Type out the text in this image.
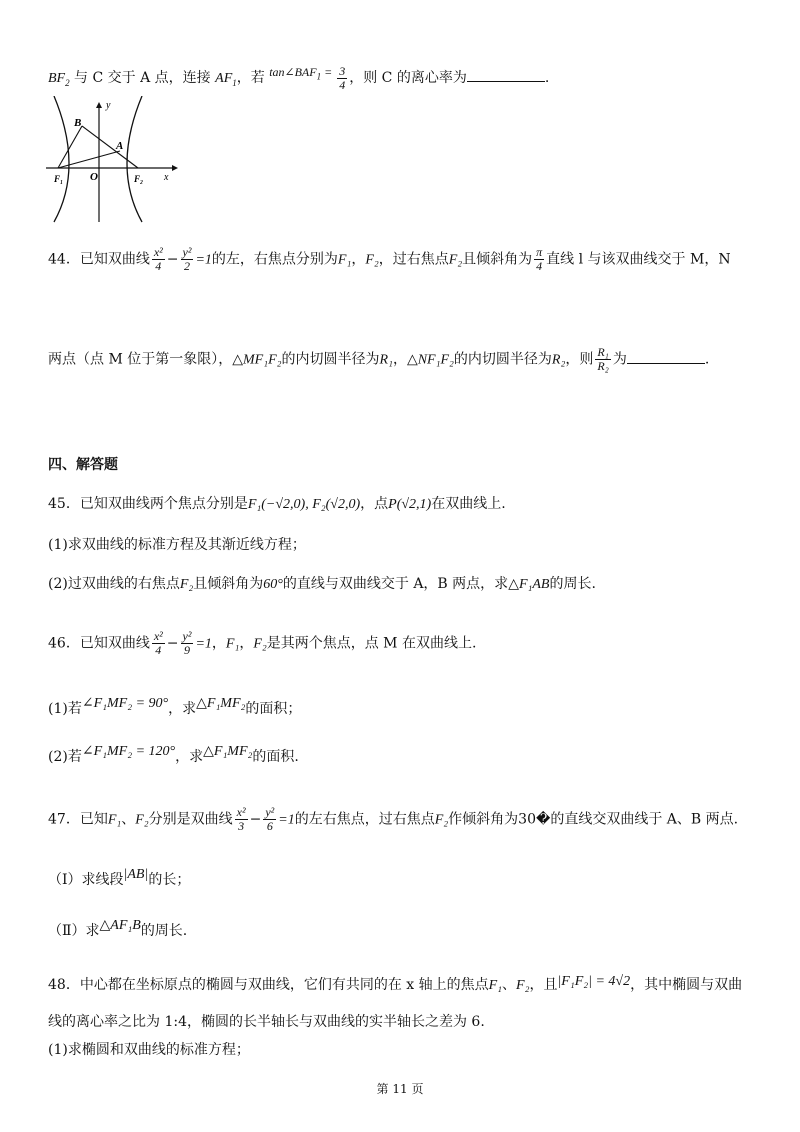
$BF_2$ 与 C 交于 A 点，连接 $AF_1$，若 $\tan\angle BAF_1 = \frac{3}{4}$ ，则 C 的离心率为	.
y
x
B
A
F₁ O	F₂
44．已知双曲线 $\frac{\text{x²}}{4} - \frac{\text{y²}}{2} =1$的左，右焦点分别为F₁，F₂，过右焦点F₂且倾斜角为 $\frac{\pi}{4}$ 直线 l 与该双曲线交于 M，N
两点（点 M 位于第一象限），△MF₁F₂的内切圆半径为R₁，△NF₁F₂的内切圆半径为R₂，则 $\frac{\text{R₁}}{\text{R₂}}$ 为	.
四、解答题
45．已知双曲线两个焦点分别是F₁(−√2,0), F₂(√2,0)，点P(√2,1)在双曲线上.
(1)求双曲线的标准方程及其渐近线方程；
(2)过双曲线的右焦点F₂且倾斜角为60°的直线与双曲线交于 A，B 两点，求△F₁AB的周长.
46．已知双曲线 $\frac{\text{x²}}{4} - \frac{\text{y²}}{9} =1$，F₁，F₂是其两个焦点，点 M 在双曲线上.
(1)若∠F₁MF₂ = 90°，求△F₁MF₂的面积；
(2)若∠F₁MF₂ = 120°，求△F₁MF₂的面积.
47．已知F₁、F₂分别是双曲线 $\frac{\text{x²}}{3} - \frac{\text{y²}}{6} =1$的左右焦点，过右焦点F₂作倾斜角为30�的直线交双曲线于 A、B 两点.
（Ⅰ）求线段|AB|的长；
（Ⅱ）求△AF₁B的周长.
48．中心都在坐标原点的椭圆与双曲线，它们有共同的在 x 轴上的焦点F₁、F₂，且|F₁F₂| = 4√2，其中椭圆与双曲
线的离心率之比为 1:4，椭圆的长半轴长与双曲线的实半轴长之差为 6.
(1)求椭圆和双曲线的标准方程；
第 11 页
